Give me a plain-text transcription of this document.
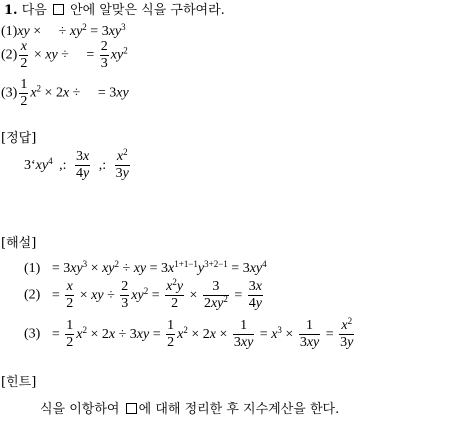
1. 다음 안에 알맞은 식을 구하여라.
(1)xy × ÷ $xy^2 = 3xy^3$
$(2) \frac{x}{2}$ × xy ÷ = $\frac{2}{3} xy^2$
$(3) \frac{1}{2} x^2 \times 2x$ ÷ = 3xy
[정답]
3ʻxy$^4$ ,: $\frac{3x}{4y}$ ,: $\frac{x^2}{3y}$
[해설]
$(1) = 3xy^3 \times xy^2$ ÷ xy = $3x^{1+1-1}y^{3+2-1} = 3xy^4$
$(2) = \frac{x}{2}$ × xy ÷ $\frac{2}{3} xy^2 = \frac{x^2y}{2} \times \frac{3}{2xy^2} = \frac{3x}{4y}$
$(3) = \frac{1}{2} x^2 \times 2x \div 3xy = \frac{1}{2} x^2 \times 2x \times \frac{1}{3xy} = x^3 \times \frac{1}{3xy} = \frac{x^2}{3y}$
[힌트]
식을 이항하여 에 대해 정리한 후 지수계산을 한다.
